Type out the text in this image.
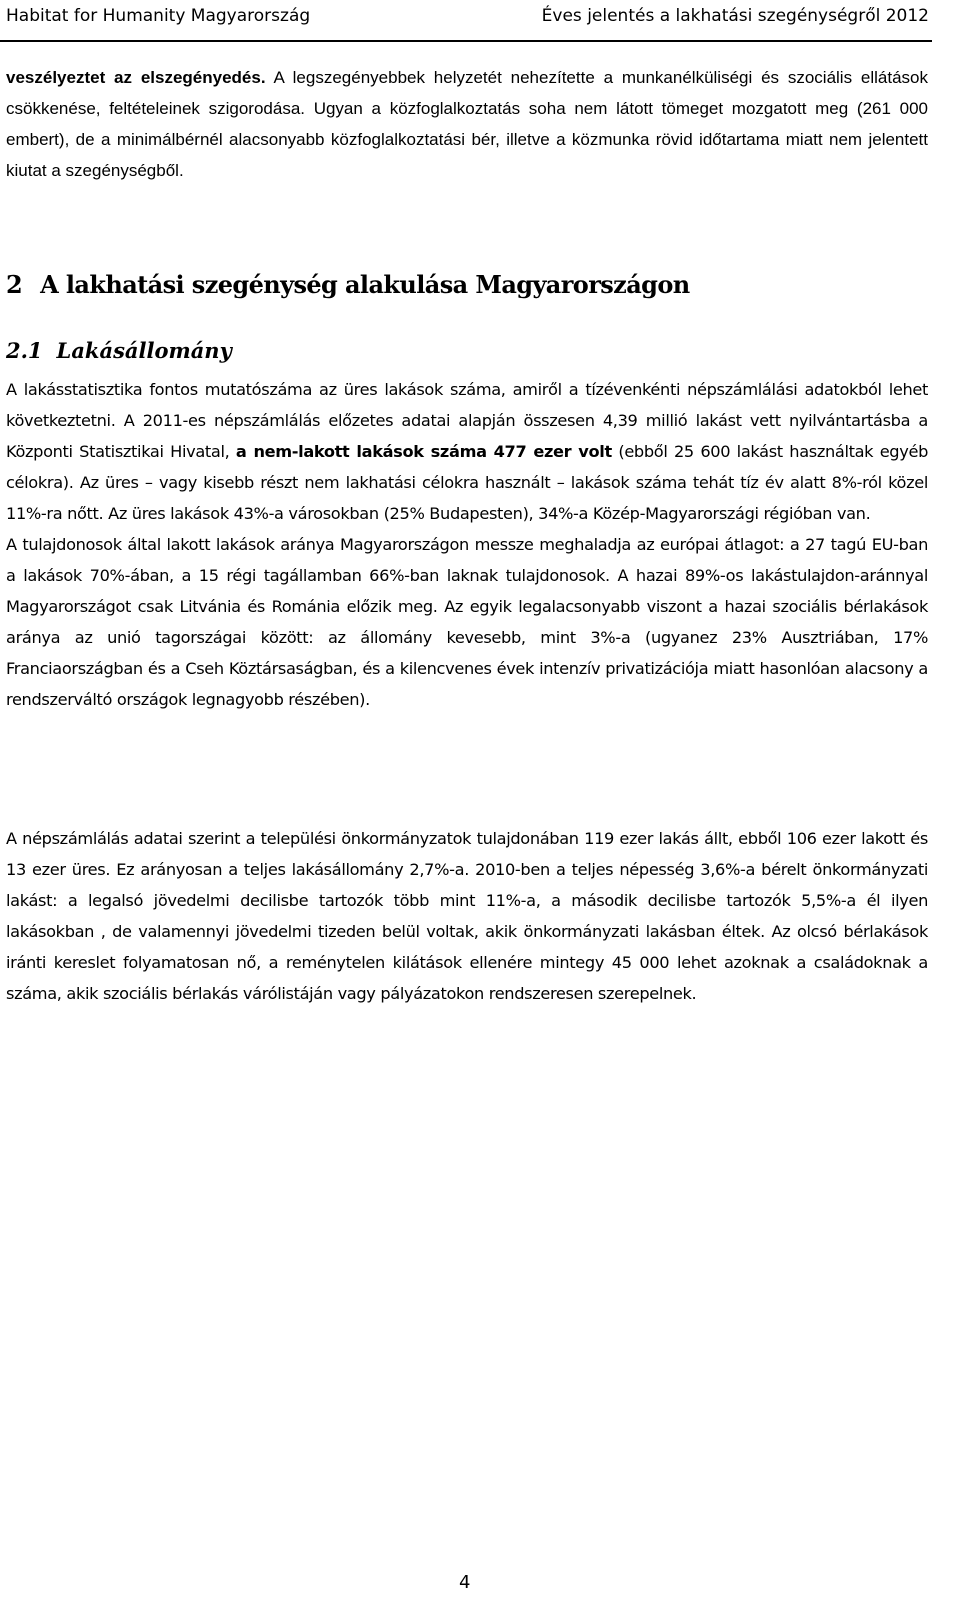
Habitat for Humanity Magyarország	Éves jelentés a lakhatási szegénységről 2012

veszélyeztet az elszegényedés. A legszegényebbek helyzetét nehezítette a munkanélküliségi és szociális ellátások csökkenése, feltételeinek szigorodása. Ugyan a közfoglalkoztatás soha nem látott tömeget mozgatott meg (261 000 embert), de a minimálbérnél alacsonyabb közfoglalkoztatási bér, illetve a közmunka rövid időtartama miatt nem jelentett kiutat a szegénységből.

2 A lakhatási szegénység alakulása Magyarországon
2.1 Lakásállomány

A lakásstatisztika fontos mutatószáma az üres lakások száma, amiről a tízévenkénti népszámlálási adatokból lehet következtetni. A 2011-es népszámlálás előzetes adatai alapján összesen 4,39 millió lakást vett nyilvántartásba a Központi Statisztikai Hivatal, a nem-lakott lakások száma 477 ezer volt (ebből 25 600 lakást használtak egyéb célokra). Az üres – vagy kisebb részt nem lakhatási célokra használt – lakások száma tehát tíz év alatt 8%-ról közel 11%-ra nőtt. Az üres lakások 43%-a városokban (25% Budapesten), 34%-a Közép-Magyarországi régióban van.

A tulajdonosok által lakott lakások aránya Magyarországon messze meghaladja az európai átlagot: a 27 tagú EU-ban a lakások 70%-ában, a 15 régi tagállamban 66%-ban laknak tulajdonosok. A hazai 89%-os lakástulajdon-aránnyal Magyarországot csak Litvánia és Románia előzik meg. Az egyik legalacsonyabb viszont a hazai szociális bérlakások aránya az unió tagországai között: az állomány kevesebb, mint 3%-a (ugyanez 23% Ausztriában, 17% Franciaországban és a Cseh Köztársaságban, és a kilencvenes évek intenzív privatizációja miatt hasonlóan alacsony a rendszerváltó országok legnagyobb részében).

A népszámlálás adatai szerint a települési önkormányzatok tulajdonában 119 ezer lakás állt, ebből 106 ezer lakott és 13 ezer üres. Ez arányosan a teljes lakásállomány 2,7%-a. 2010-ben a teljes népesség 3,6%-a bérelt önkormányzati lakást: a legalsó jövedelmi decilisbe tartozók több mint 11%-a, a második decilisbe tartozók 5,5%-a él ilyen lakásokban , de valamennyi jövedelmi tizeden belül voltak, akik önkormányzati lakásban éltek. Az olcsó bérlakások iránti kereslet folyamatosan nő, a reménytelen kilátások ellenére mintegy 45 000 lehet azoknak a családoknak a száma, akik szociális bérlakás várólistáján vagy pályázatokon rendszeresen szerepelnek.

4
